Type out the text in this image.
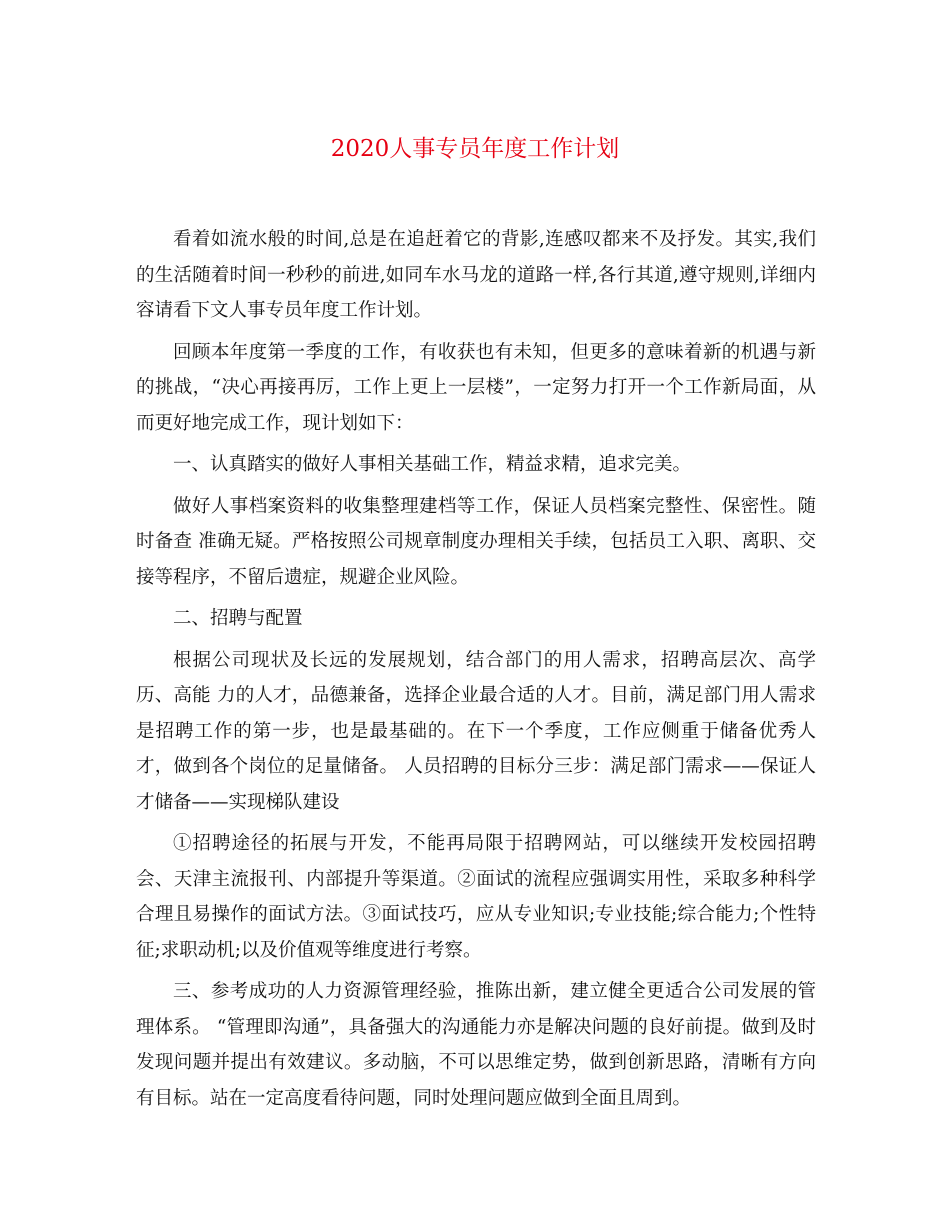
2020人事专员年度工作计划

看着如流水般的时间,总是在追赶着它的背影,连感叹都来不及抒发。其实,我们的生活随着时间一秒秒的前进,如同车水马龙的道路一样,各行其道,遵守规则,详细内容请看下文人事专员年度工作计划。

回顾本年度第一季度的工作，有收获也有未知，但更多的意味着新的机遇与新的挑战，“决心再接再厉，工作上更上一层楼”，一定努力打开一个工作新局面，从而更好地完成工作，现计划如下：

一、认真踏实的做好人事相关基础工作，精益求精，追求完美。

做好人事档案资料的收集整理建档等工作，保证人员档案完整性、保密性。随时备查 准确无疑。严格按照公司规章制度办理相关手续，包括员工入职、离职、交接等程序，不留后遗症，规避企业风险。

二、招聘与配置

根据公司现状及长远的发展规划，结合部门的用人需求，招聘高层次、高学历、高能 力的人才，品德兼备，选择企业最合适的人才。目前，满足部门用人需求是招聘工作的第一步，也是最基础的。在下一个季度，工作应侧重于储备优秀人才，做到各个岗位的足量储备。 人员招聘的目标分三步：满足部门需求——保证人才储备——实现梯队建设

①招聘途径的拓展与开发，不能再局限于招聘网站，可以继续开发校园招聘会、天津主流报刊、内部提升等渠道。②面试的流程应强调实用性，采取多种科学合理且易操作的面试方法。③面试技巧，应从专业知识;专业技能;综合能力;个性特征;求职动机;以及价值观等维度进行考察。

三、参考成功的人力资源管理经验，推陈出新，建立健全更适合公司发展的管理体系。 “管理即沟通”，具备强大的沟通能力亦是解决问题的良好前提。做到及时发现问题并提出有效建议。多动脑，不可以思维定势，做到创新思路，清晰有方向有目标。站在一定高度看待问题，同时处理问题应做到全面且周到。
